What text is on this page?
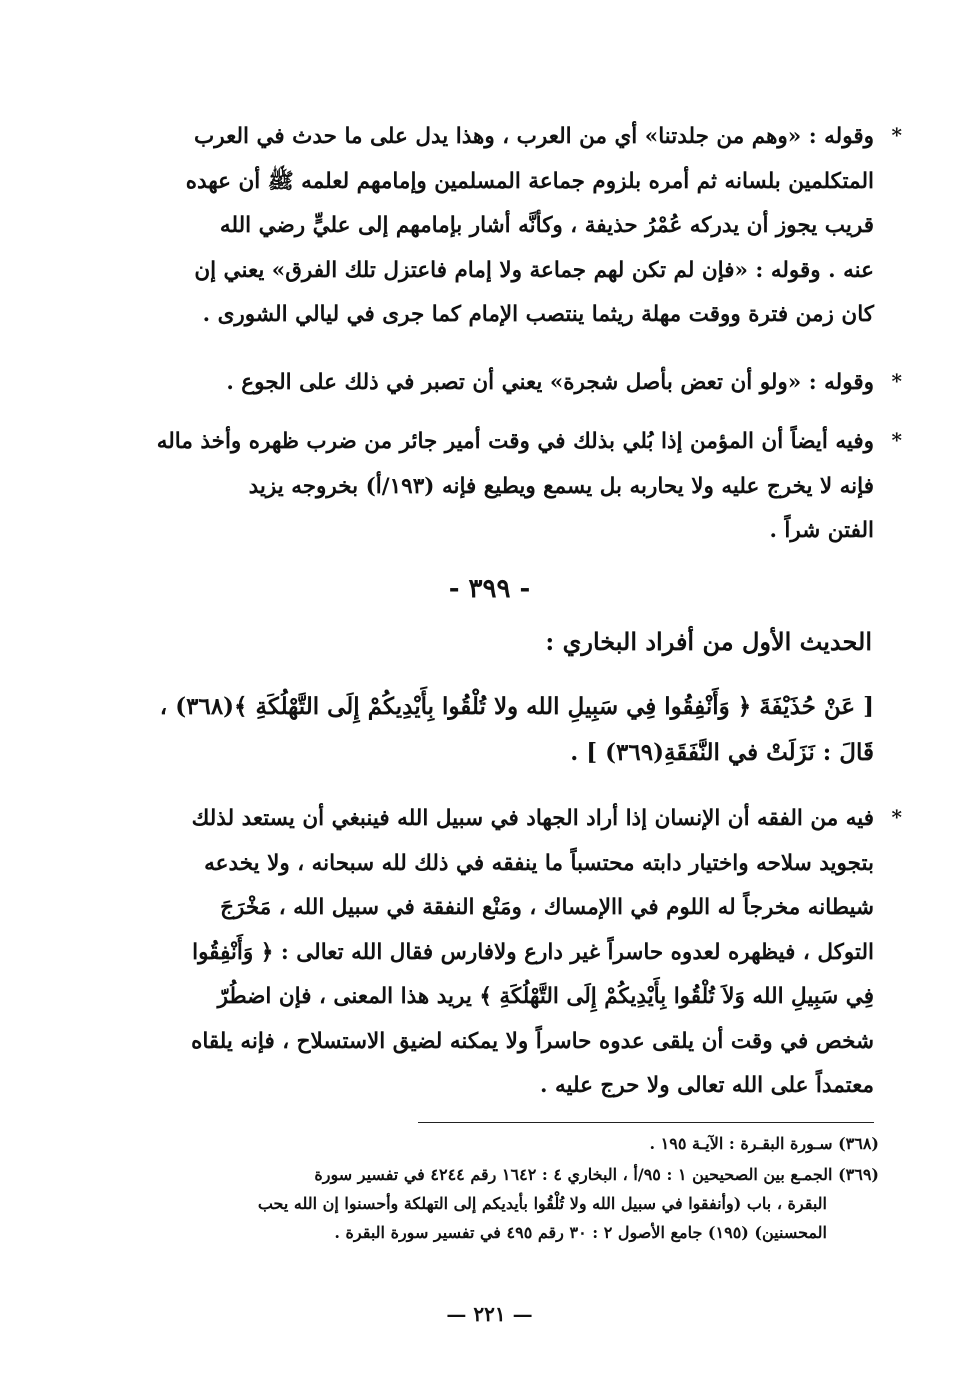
*

وقوله : «وهم من جلدتنا» أي من العرب ، وهذا يدل على ما حدث في العرب

المتكلمين بلسانه ثم أمره بلزوم جماعة المسلمين وإمامهم لعلمه ﷺ أن عهده

قريب يجوز أن يدركه عُمْرُ حذيفة ، وكأنَّه أشار بإمامهم إلى عليٍّ رضي الله

عنه . وقوله : «فإن لم تكن لهم جماعة ولا إمام فاعتزل تلك الفرق» يعني إن

كان زمن فترة ووقت مهلة ريثما ينتصب الإمام كما جرى في ليالي الشورى .

*

وقوله : «ولو أن تعض بأصل شجرة» يعني أن تصبر في ذلك على الجوع .

*

وفيه أيضاً أن المؤمن إذا بُلي بذلك في وقت أمير جائر من ضرب ظهره وأخذ ماله

فإنه لا يخرج عليه ولا يحاربه بل يسمع ويطيع فإنه (١٩٣/أ) بخروجه يزيد

الفتن شراً .

- ٣٩٩ -
الحديث الأول من أفراد البخاري :

[ عَنْ حُذَيْفَةَ ﴿ وَأَنْفِقُوا فِي سَبِيلِ الله ولا تُلْقُوا بِأَيْدِيكُمْ إِلَى التَّهْلُكَةِ ﴾(٣٦٨) ،

قَالَ : نَزَلَتْ في النَّفَقَةِ(٣٦٩) ] .

*

فيه من الفقه أن الإنسان إذا أراد الجهاد في سبيل الله فينبغي أن يستعد لذلك

بتجويد سلاحه واختيار دابته محتسباً ما ينفقه في ذلك لله سبحانه ، ولا يخدعه

شيطانه مخرجاً له اللوم في االإمساك ، ومَنْع النفقة في سبيل الله ، مَخْرَجَ

التوكل ، فيظهره لعدوه حاسراً غير دارع ولافارس فقال الله تعالى : ﴿ وَأَنْفِقُوا

فِي سَبِيلِ الله وَلاَ تُلْقُوا بِأَيْدِيكُمْ إِلَى التَّهْلُكَةِ ﴾ يريد هذا المعنى ، فإن اضطُرّ

شخص في وقت أن يلقى عدوه حاسراً ولا يمكنه لضيق الاستسلاح ، فإنه يلقاه

معتمداً على الله تعالى ولا حرج عليه .

(٣٦٨) سـورة البقـرة : الآيـة ١٩٥ .

(٣٦٩) الجمـع بين الصحيحين ١ : ٩٥/أ ، البخاري ٤ : ١٦٤٢ رقم ٤٢٤٤ في تفسير سورة

البقرة ، باب (وأنفقوا في سبيل الله ولا تُلْقُوا بأيديكم إلى التهلكة وأحسنوا إن الله يحب

المحسنين) (١٩٥) جامع الأصول ٢ : ٣٠ رقم ٤٩٥ في تفسير سورة البقرة .

— ٢٢١ —
